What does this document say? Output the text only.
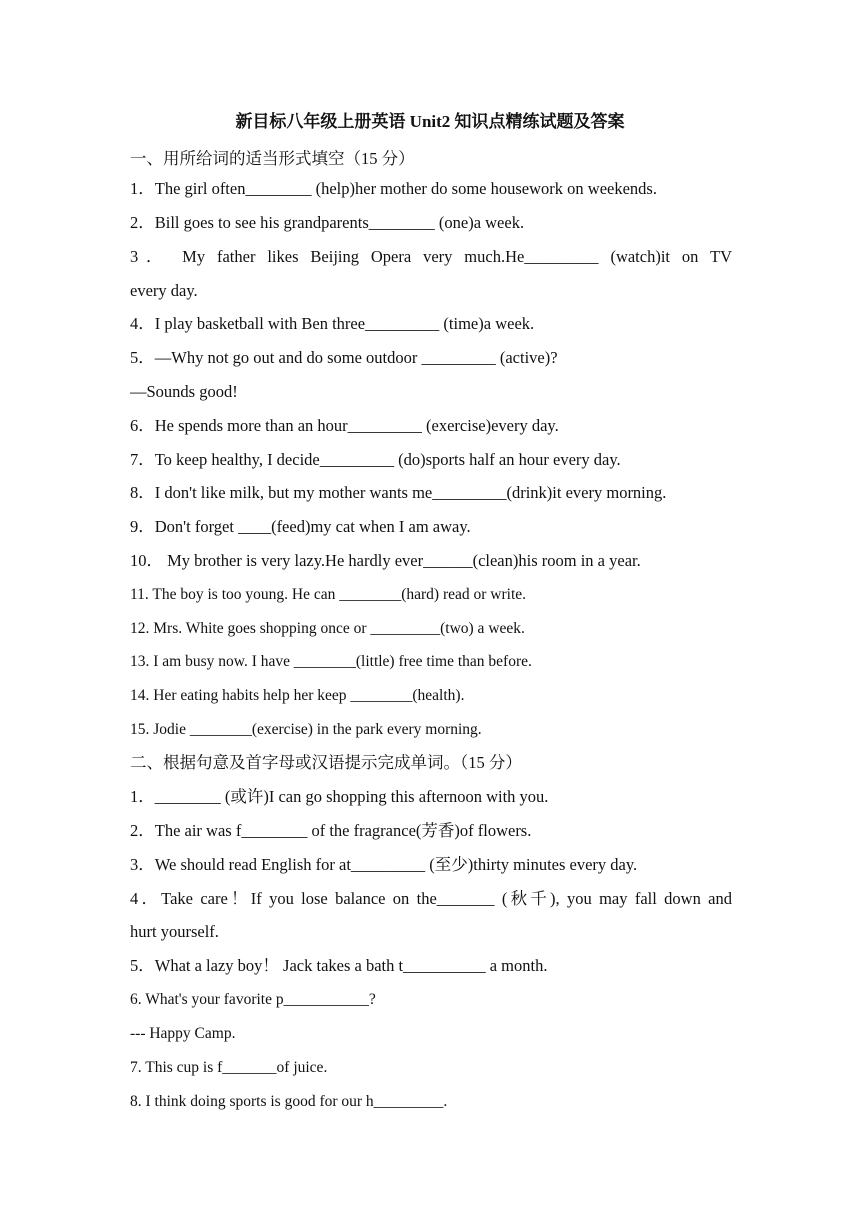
新目标八年级上册英语 Unit2 知识点精练试题及答案
一、用所给词的适当形式填空（15 分）
1．The girl often________ (help)her mother do some housework on weekends.
2．Bill goes to see his grandparents________ (one)a week.
3． My father likes Beijing Opera very much.He_________ (watch)it on TV
every day.
4．I play basketball with Ben three_________ (time)a week.
5．—Why not go out and do some outdoor _________ (active)?
—Sounds good!
6．He spends more than an hour_________ (exercise)every day.
7．To keep healthy, I decide_________ (do)sports half an hour every day.
8．I don't like milk, but my mother wants me_________(drink)it every morning.
9．Don't forget ____(feed)my cat when I am away.
10． My brother is very lazy.He hardly ever______(clean)his room in a year.
11. The boy is too young. He can ________(hard) read or write.
12. Mrs. White goes shopping once or _________(two) a week.
13. I am busy now. I have ________(little) free time than before.
14. Her eating habits help her keep ________(health).
15. Jodie ________(exercise) in the park every morning.
二、根据句意及首字母或汉语提示完成单词。（15 分）
1．________ (或许)I can go shopping this afternoon with you.
2．The air was f________ of the fragrance(芳香)of flowers.
3．We should read English for at_________ (至少)thirty minutes every day.
4．Take care！If you lose balance on the_______ (秋千), you may fall down and
hurt yourself.
5．What a lazy boy！ Jack takes a bath t__________ a month.
6. What's your favorite p___________?
--- Happy Camp.
7. This cup is f_______of juice.
8. I think doing sports is good for our h_________.
